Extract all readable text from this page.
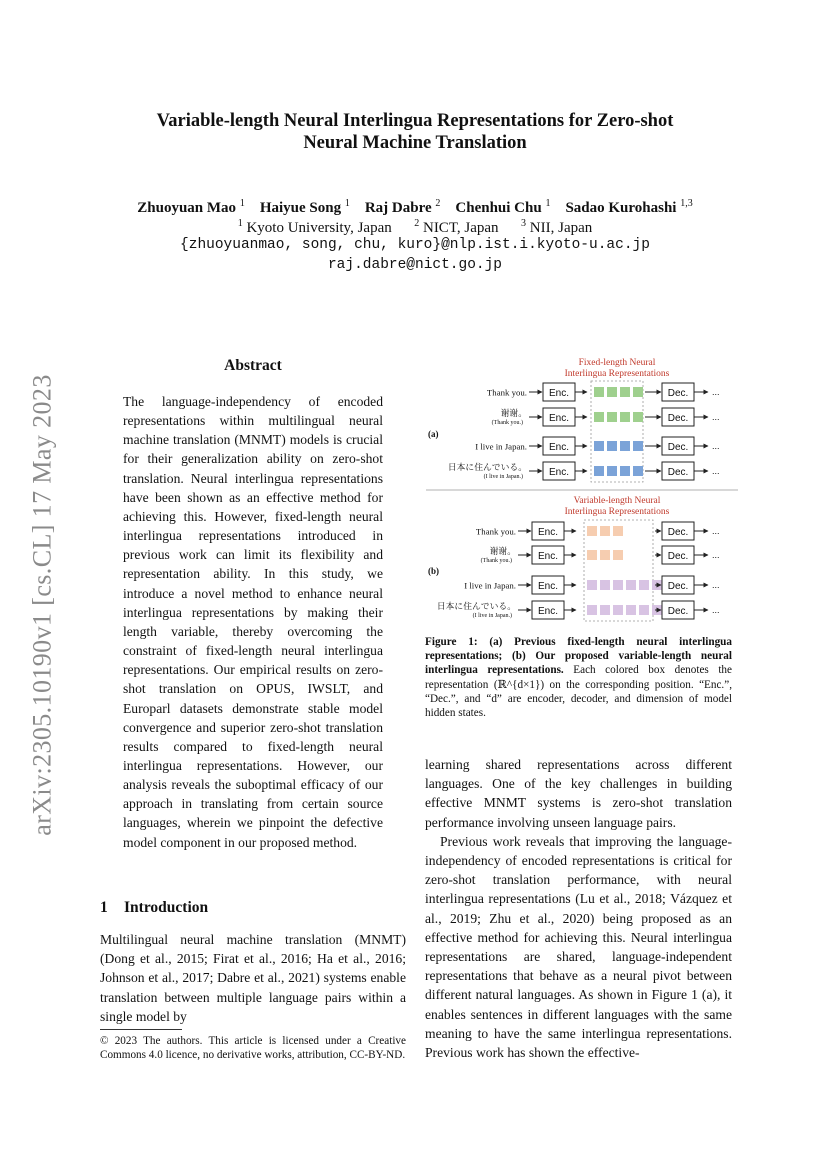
arXiv:2305.10190v1 [cs.CL] 17 May 2023
Variable-length Neural Interlingua Representations for Zero-shot
Neural Machine Translation
Zhuoyuan Mao $^1$ Haiyue Song $^1$ Raj Dabre $^2$ Chenhui Chu $^1$ Sadao Kurohashi $^{1,3}$
$^1$ Kyoto University, Japan $^2$ NICT, Japan $^3$ NII, Japan
{zhuoyuanmao, song, chu, kuro}@nlp.ist.i.kyoto-u.ac.jp
raj.dabre@nict.go.jp
Abstract
The language-independency of encoded representations within multilingual neural machine translation (MNMT) models is crucial for their generalization ability on zero-shot translation. Neural interlingua representations have been shown as an effective method for achieving this. However, fixed-length neural interlingua representations introduced in previous work can limit its flexibility and representation ability. In this study, we introduce a novel method to enhance neural interlingua representations by making their length variable, thereby overcoming the constraint of fixed-length neural interlingua representations. Our empirical results on zero-shot translation on OPUS, IWSLT, and Europarl datasets demonstrate stable model convergence and superior zero-shot translation results compared to fixed-length neural interlingua representations. However, our analysis reveals the suboptimal efficacy of our approach in translating from certain source languages, wherein we pinpoint the defective model component in our proposed method.
1 Introduction
Multilingual neural machine translation (MNMT) (Dong et al., 2015; Firat et al., 2016; Ha et al., 2016; Johnson et al., 2017; Dabre et al., 2021) systems enable translation between multiple language pairs within a single model by
© 2023 The authors. This article is licensed under a Creative Commons 4.0 licence, no derivative works, attribution, CC-BY-ND.
Fixed-length Neural
Interlingua Representations
(a)
Thank you. Enc.	Dec.	...
谢谢。
(Thank you.)	Enc.	Dec.	...
I live in Japan. Enc.	Dec.	...
日本に住んでいる。
(I live in Japan.)	Enc.	Dec.	...
Variable-length Neural
Interlingua Representations
(b)
Thank you. Enc.	Dec.	...
谢谢。
(Thank you.)	Enc.	Dec.	...
I live in Japan. Enc.	Dec.	...
日本に住んでいる。
(I live in Japan.)	Enc.	Dec.	...
Figure 1: (a) Previous fixed-length neural interlingua representations; (b) Our proposed variable-length neural interlingua representations. Each colored box denotes the representation (ℝ^{d×1}) on the corresponding position. “Enc.”, “Dec.”, and “d” are encoder, decoder, and dimension of model hidden states.

learning shared representations across different languages. One of the key challenges in building effective MNMT systems is zero-shot translation performance involving unseen language pairs.

Previous work reveals that improving the language-independency of encoded representations is critical for zero-shot translation performance, with neural interlingua representations (Lu et al., 2018; Vázquez et al., 2019; Zhu et al., 2020) being proposed as an effective method for achieving this. Neural interlingua representations are shared, language-independent representations that behave as a neural pivot between different natural languages. As shown in Figure 1 (a), it enables sentences in different languages with the same meaning to have the same interlingua representations. Previous work has shown the effective-
